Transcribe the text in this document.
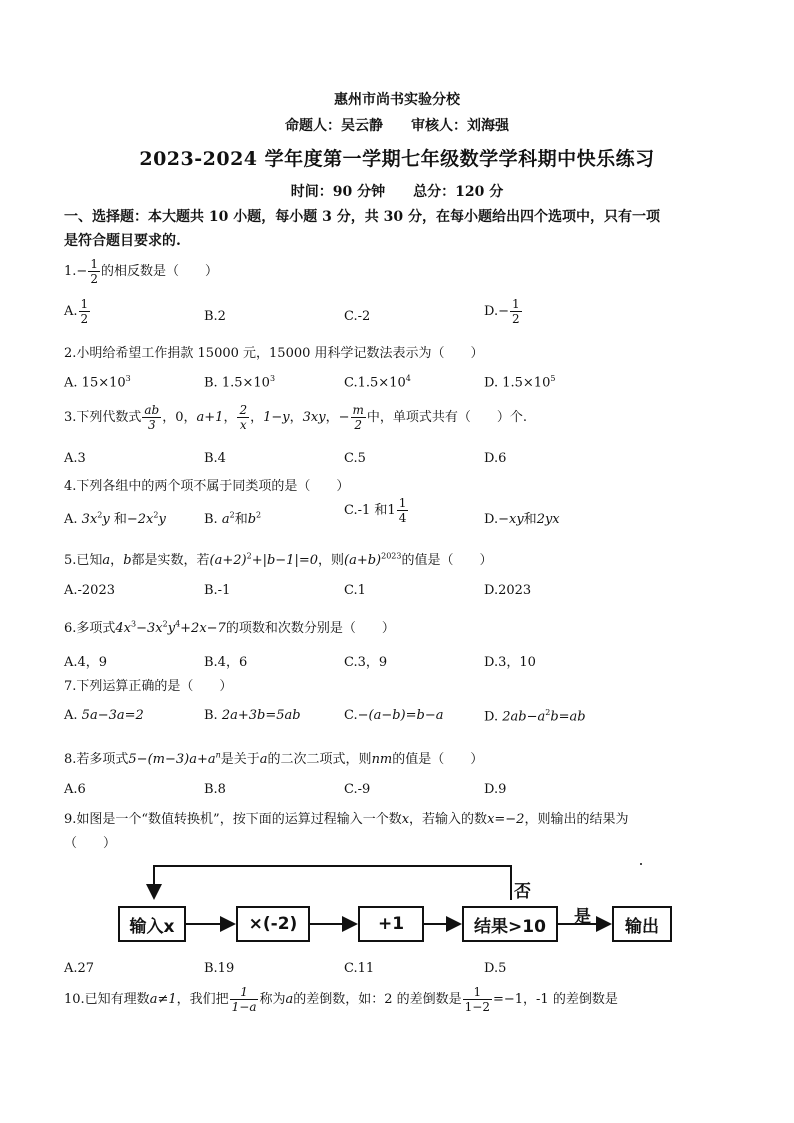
惠州市尚书实验分校
命题人：吴云静　　审核人：刘海强
2023-2024 学年度第一学期七年级数学学科期中快乐练习
时间：90 分钟　　总分：120 分
一、选择题：本大题共 10 小题，每小题 3 分，共 30 分，在每小题给出四个选项中，只有一项
是符合题目要求的.
$1.- \frac{1}{2}$ 的相反数是（　　）
A. $\frac{1}{2}$	B.2	C.-2	$D.- \frac{1}{2}$
2.小明给希望工作捐款 15000 元，15000 用科学记数法表示为（　　）
A. $15\times 10^3$	B. $1.5\times 10^3$	$C.1.5\times 10^4$	D. $1.5\times 10^5$
3.下列代数式 $\frac{ab}{3}$ ，0，a+1， $\frac{2}{x}$ ，1−y，3xy，− $\frac{m}{2}$ 中，单项式共有（　　）个.
A.3	B.4	C.5	D.6
4.下列各组中的两个项不属于同类项的是（　　）
A. $3x^2y$ 和$-2x^2y$	B. $a^2$和$b^2$	C.-1 和$1 \frac{1}{4}$	D.−xy和2yx
5.已知a，b都是实数，若$(a+2)^2+|b-1|=0$，则$(a+b)^{2023}$的值是（　　）
A.-2023	B.-1	C.1	D.2023
6.多项式$4x^3-3x^2y^4+2x-7$的项数和次数分别是（　　）
A.4，9	B.4，6	C.3，9	D.3，10
7.下列运算正确的是（　　）
A. 5a−3a=2	B. 2a+3b=5ab	C.−(a−b)=b−a	D. $2ab-a^2b=ab$
8.若多项式$5-(m-3)a+a^n$是关于a的二次二项式，则nm的值是（　　）
A.6	B.8	C.-9	D.9
9.如图是一个“数值转换机”，按下面的运算过程输入一个数x，若输入的数x=−2，则输出的结果为
（　　）
输入x	×(-2)	+1	结果>10	输出
否
是
A.27	B.19	C.11	D.5
10.已知有理数a≠1，我们把 $\frac{1}{1-a}$ 称为a的差倒数，如：2 的差倒数是 $\frac{1}{1-2} =-1$，-1 的差倒数是
